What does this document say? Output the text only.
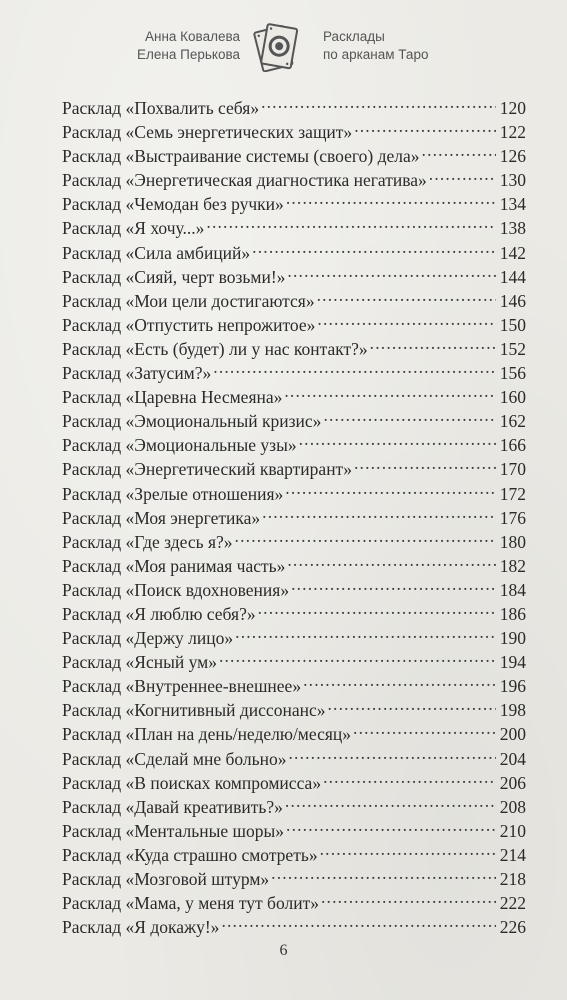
Анна Ковалева
Елена Перькова
Расклады
по арканам Таро
Расклад «Похвалить себя» . . .	120
Расклад «Семь энергетических защит» . . .	122
Расклад «Выстраивание системы (своего) дела» . . .	126
Расклад «Энергетическая диагностика негатива» . . .	130
Расклад «Чемодан без ручки» . . .	134
Расклад «Я хочу...» . . .	138
Расклад «Сила амбиций» . . .	142
Расклад «Сияй, черт возьми!» . . .	144
Расклад «Мои цели достигаются» . . .	146
Расклад «Отпустить непрожитое» . . .	150
Расклад «Есть (будет) ли у нас контакт?» . . .	152
Расклад «Затусим?» . . .	156
Расклад «Царевна Несмеяна» . . .	160
Расклад «Эмоциональный кризис» . . .	162
Расклад «Эмоциональные узы» . . .	166
Расклад «Энергетический квартирант» . . .	170
Расклад «Зрелые отношения» . . .	172
Расклад «Моя энергетика» . . .	176
Расклад «Где здесь я?» . . .	180
Расклад «Моя ранимая часть» . . .	182
Расклад «Поиск вдохновения» . . .	184
Расклад «Я люблю себя?» . . .	186
Расклад «Держу лицо» . . .	190
Расклад «Ясный ум» . . .	194
Расклад «Внутреннее-внешнее» . . .	196
Расклад «Когнитивный диссонанс» . . .	198
Расклад «План на день/неделю/месяц» . . .	200
Расклад «Сделай мне больно» . . .	204
Расклад «В поисках компромисса» . . .	206
Расклад «Давай креативить?» . . .	208
Расклад «Ментальные шоры» . . .	210
Расклад «Куда страшно смотреть» . . .	214
Расклад «Мозговой штурм» . . .	218
Расклад «Мама, у меня тут болит» . . .	222
Расклад «Я докажу!» . . .	226
6
